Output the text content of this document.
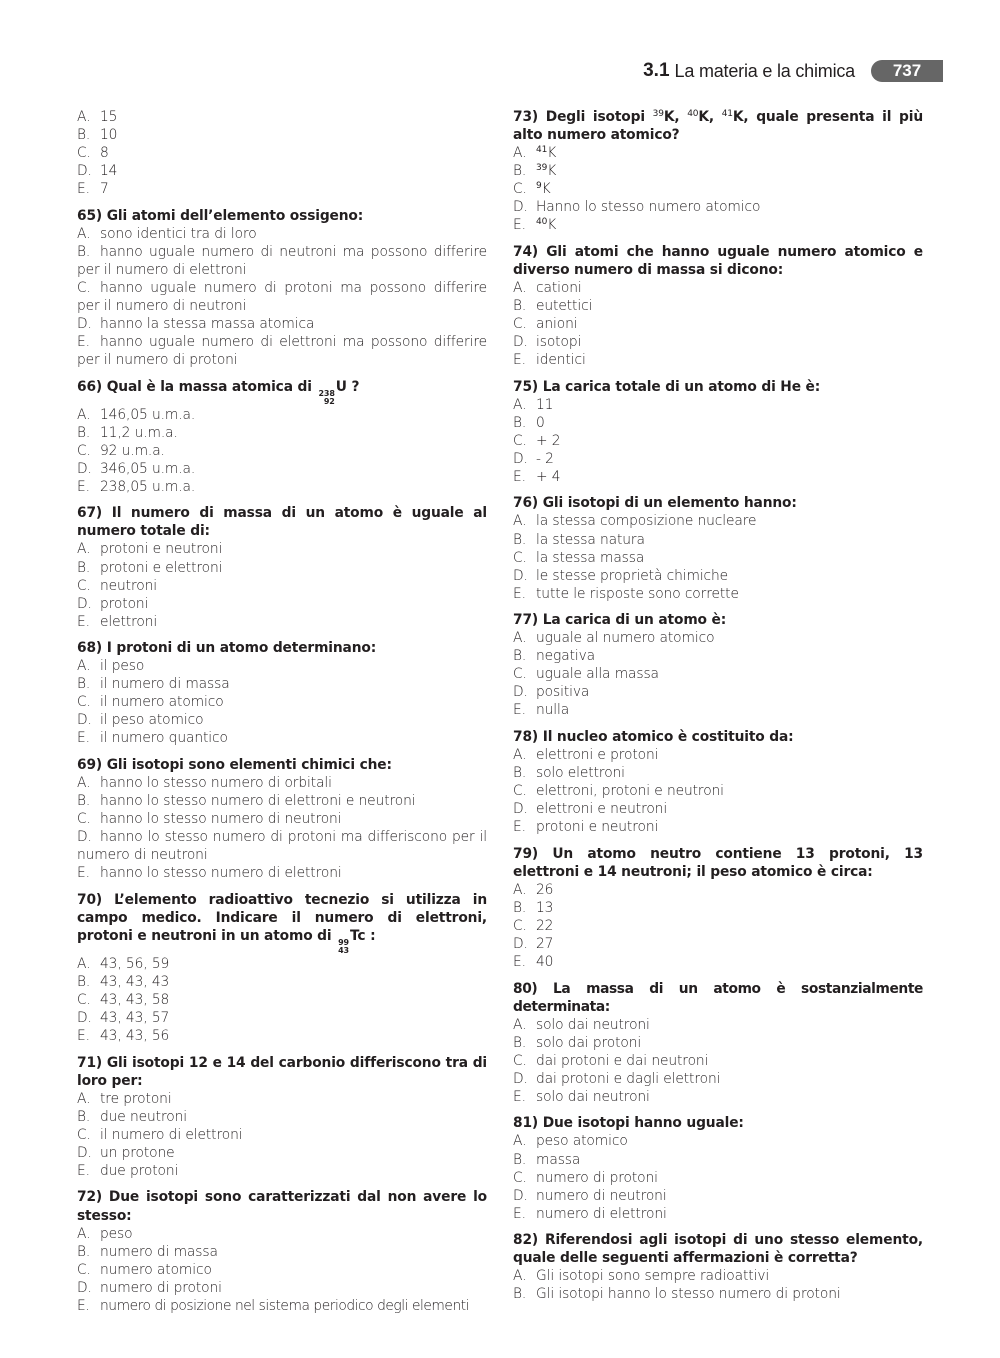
3.1 La materia e la chimica	737
A. 15
B. 10
C. 8
D. 14
E. 7
65) Gli atomi dell’elemento ossigeno:
A. sono identici tra di loro
B. hanno uguale numero di neutroni ma possono differire per il numero di elettroni
C. hanno uguale numero di protoni ma possono differire per il numero di neutroni
D. hanno la stessa massa atomica
E. hanno uguale numero di elettroni ma possono differire per il numero di protoni
66) Qual è la massa atomica di 238
92
U ?
A. 146,05 u.m.a.
B. 11,2 u.m.a.
C. 92 u.m.a.
D. 346,05 u.m.a.
E. 238,05 u.m.a.
67) Il numero di massa di un atomo è uguale al numero totale di:
A. protoni e neutroni
B. protoni e elettroni
C. neutroni
D. protoni
E. elettroni
68) I protoni di un atomo determinano:
A. il peso
B. il numero di massa
C. il numero atomico
D. il peso atomico
E. il numero quantico
69) Gli isotopi sono elementi chimici che:
A. hanno lo stesso numero di orbitali
B. hanno lo stesso numero di elettroni e neutroni
C. hanno lo stesso numero di neutroni
D. hanno lo stesso numero di protoni ma differiscono per il numero di neutroni
E. hanno lo stesso numero di elettroni
70) L’elemento radioattivo tecnezio si utilizza in campo medico. Indicare il numero di elettroni, protoni e neutroni in un atomo di 99
43
Tc :
A. 43, 56, 59
B. 43, 43, 43
C. 43, 43, 58
D. 43, 43, 57
E. 43, 43, 56
71) Gli isotopi 12 e 14 del carbonio differiscono tra di loro per:
A. tre protoni
B. due neutroni
C. il numero di elettroni
D. un protone
E. due protoni
72) Due isotopi sono caratterizzati dal non avere lo stesso:
A. peso
B. numero di massa
C. numero atomico
D. numero di protoni
E. numero di posizione nel sistema periodico degli elementi
73) Degli isotopi $^{39}$K, $^{40}$K, $^{41}$K, quale presenta il più alto numero atomico?
A. $^{41}$K
B. $^{39}$K
C. $^9$K
D. Hanno lo stesso numero atomico
E. $^{40}$K
74) Gli atomi che hanno uguale numero atomico e diverso numero di massa si dicono:
A. cationi
B. eutettici
C. anioni
D. isotopi
E. identici
75) La carica totale di un atomo di He è:
A. 11
B. 0
C. + 2
D. - 2
E. + 4
76) Gli isotopi di un elemento hanno:
A. la stessa composizione nucleare
B. la stessa natura
C. la stessa massa
D. le stesse proprietà chimiche
E. tutte le risposte sono corrette
77) La carica di un atomo è:
A. uguale al numero atomico
B. negativa
C. uguale alla massa
D. positiva
E. nulla
78) Il nucleo atomico è costituito da:
A. elettroni e protoni
B. solo elettroni
C. elettroni, protoni e neutroni
D. elettroni e neutroni
E. protoni e neutroni
79) Un atomo neutro contiene 13 protoni, 13 elettroni e 14 neutroni; il peso atomico è circa:
A. 26
B. 13
C. 22
D. 27
E. 40
80) La massa di un atomo è sostanzialmente determinata:
A. solo dai neutroni
B. solo dai protoni
C. dai protoni e dai neutroni
D. dai protoni e dagli elettroni
E. solo dai neutroni
81) Due isotopi hanno uguale:
A. peso atomico
B. massa
C. numero di protoni
D. numero di neutroni
E. numero di elettroni
82) Riferendosi agli isotopi di uno stesso elemento, quale delle seguenti affermazioni è corretta?
A. Gli isotopi sono sempre radioattivi
B. Gli isotopi hanno lo stesso numero di protoni
